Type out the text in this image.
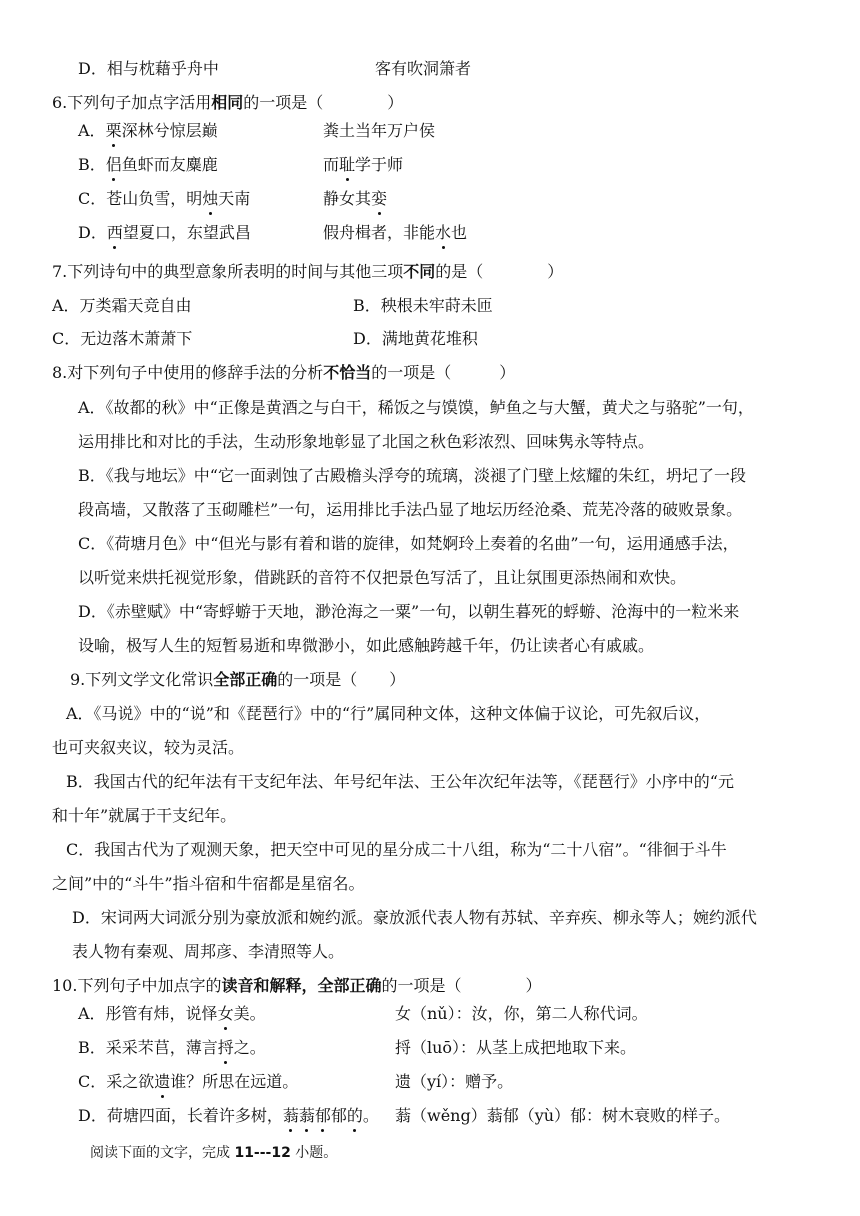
D．相与枕藉乎舟中	客有吹洞箫者
6.下列句子加点字活用相同的一项是（　　　　）
A．栗深林兮惊层巅	粪土当年万户侯
B．侣鱼虾而友麋鹿	而耻学于师
C．苍山负雪，明烛天南	静女其娈
D．西望夏口，东望武昌	假舟楫者，非能水也
7.下列诗句中的典型意象所表明的时间与其他三项不同的是（　　　　）
A．万类霜天竞自由	B．秧根未牢莳未匝
C．无边落木萧萧下	D．满地黄花堆积
8.对下列句子中使用的修辞手法的分析不恰当的一项是（　　　）
A．《故都的秋》中“正像是黄酒之与白干，稀饭之与馍馍，鲈鱼之与大蟹，黄犬之与骆驼”一句，
运用排比和对比的手法，生动形象地彰显了北国之秋色彩浓烈、回味隽永等特点。
B．《我与地坛》中“它一面剥蚀了古殿檐头浮夸的琉璃，淡褪了门壁上炫耀的朱红，坍圮了一段
段高墙，又散落了玉砌雕栏”一句，运用排比手法凸显了地坛历经沧桑、荒芜冷落的破败景象。
C．《荷塘月色》中“但光与影有着和谐的旋律，如梵婀玲上奏着的名曲”一句，运用通感手法，
以听觉来烘托视觉形象，借跳跃的音符不仅把景色写活了，且让氛围更添热闹和欢快。
D．《赤壁赋》中“寄蜉蝣于天地，渺沧海之一粟”一句，以朝生暮死的蜉蝣、沧海中的一粒米来
设喻，极写人生的短暂易逝和卑微渺小，如此感触跨越千年，仍让读者心有戚戚。
9.下列文学文化常识全部正确的一项是（　　）
A．《马说》中的“说”和《琵琶行》中的“行”属同种文体，这种文体偏于议论，可先叙后议，
也可夹叙夹议，较为灵活。
B．我国古代的纪年法有干支纪年法、年号纪年法、王公年次纪年法等，《琵琶行》小序中的“元
和十年”就属于干支纪年。
C．我国古代为了观测天象，把天空中可见的星分成二十八组，称为“二十八宿”。“徘徊于斗牛
之间”中的“斗牛”指斗宿和牛宿都是星宿名。
D．宋词两大词派分别为豪放派和婉约派。豪放派代表人物有苏轼、辛弃疾、柳永等人；婉约派代
表人物有秦观、周邦彦、李清照等人。
10.下列句子中加点字的读音和解释，全部正确的一项是（　　　　）
A．彤管有炜，说怿女美。	女（nǔ）：汝，你，第二人称代词。
B．采采芣苢，薄言捋之。	捋（luō）：从茎上成把地取下来。
C．采之欲遗谁？所思在远道。	遗（yí）：赠予。
D．荷塘四面，长着许多树，蓊蓊郁郁的。 蓊（wěng）蓊郁（yù）郁：树木衰败的样子。
阅读下面的文字，完成 11---12 小题。
